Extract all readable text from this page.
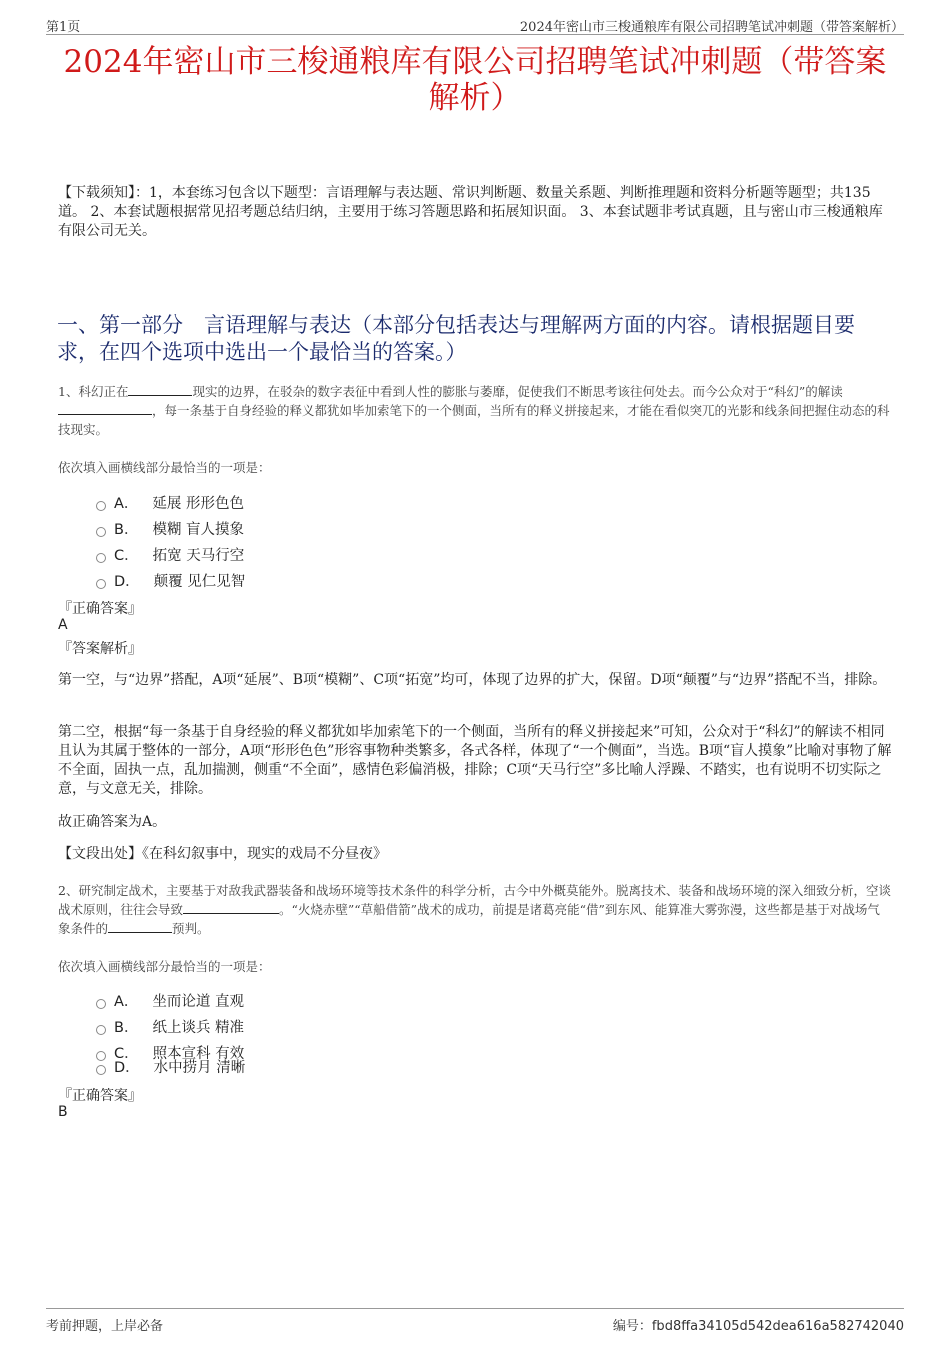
第1页	2024年密山市三梭通粮库有限公司招聘笔试冲刺题（带答案解析）
2024年密山市三梭通粮库有限公司招聘笔试冲刺题（带答案解析）
【下载须知】：1，本套练习包含以下题型：言语理解与表达题、常识判断题、数量关系题、判断推理题和资料分析题等题型；共135道。 2、本套试题根据常见招考题总结归纳，主要用于练习答题思路和拓展知识面。 3、本套试题非考试真题，且与密山市三梭通粮库有限公司无关。
一、第一部分　言语理解与表达（本部分包括表达与理解两方面的内容。请根据题目要求，在四个选项中选出一个最恰当的答案。）
1、科幻正在	现实的边界，在驳杂的数字表征中看到人性的膨胀与萎靡，促使我们不断思考该往何处去。而今公众对于“科幻”的解读，每一条基于自身经验的释义都犹如毕加索笔下的一个侧面，当所有的释义拼接起来，才能在看似突兀的光影和线条间把握住动态的科技现实。
依次填入画横线部分最恰当的一项是：
A． 延展 形形色色
B． 模糊 盲人摸象
C． 拓宽 天马行空
D． 颠覆 见仁见智
『正确答案』
A
『答案解析』
第一空，与“边界”搭配，A项“延展”、B项“模糊”、C项“拓宽”均可，体现了边界的扩大，保留。D项“颠覆”与“边界”搭配不当，排除。
第二空，根据“每一条基于自身经验的释义都犹如毕加索笔下的一个侧面，当所有的释义拼接起来”可知，公众对于“科幻”的解读不相同且认为其属于整体的一部分，A项“形形色色”形容事物种类繁多，各式各样，体现了“一个侧面”，当选。B项“盲人摸象”比喻对事物了解不全面，固执一点，乱加揣测，侧重“不全面”，感情色彩偏消极，排除；C项“天马行空”多比喻人浮躁、不踏实，也有说明不切实际之意，与文意无关，排除。
故正确答案为A。
【文段出处】《在科幻叙事中，现实的戏局不分昼夜》
2、研究制定战术，主要基于对敌我武器装备和战场环境等技术条件的科学分析，古今中外概莫能外。脱离技术、装备和战场环境的深入细致分析，空谈战术原则，往往会导致	。“火烧赤壁”“草船借箭”战术的成功，前提是诸葛亮能“借”到东风、能算准大雾弥漫，这些都是基于对战场气象条件的	预判。
依次填入画横线部分最恰当的一项是：
A． 坐而论道 直观
B． 纸上谈兵 精准
C． 照本宣科 有效
D． 水中捞月 清晰
『正确答案』
B
考前押题，上岸必备	编号：fbd8ffa34105d542dea616a582742040
